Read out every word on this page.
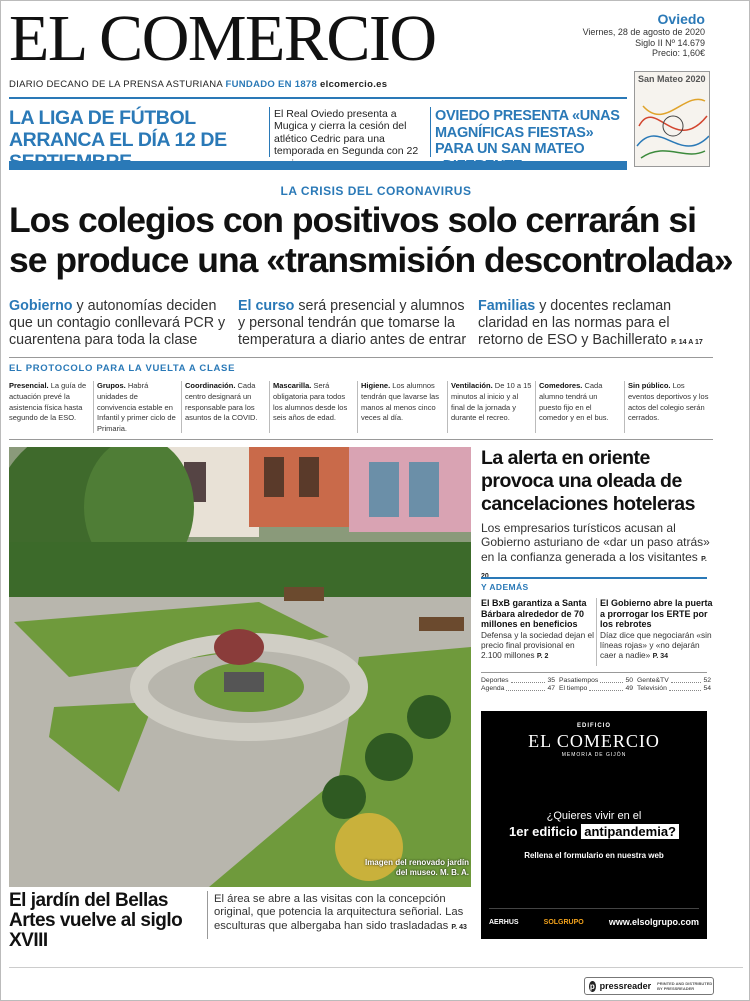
EL COMERCIO
DIARIO DECANO DE LA PRENSA ASTURIANA FUNDADO EN 1878 elcomercio.es
Oviedo
Viernes, 28 de agosto de 2020
Siglo II Nº 14.679
Precio: 1,60€
San Mateo 2020
LA LIGA DE FÚTBOL ARRANCA EL DÍA 12 DE
El Real Oviedo presenta a Mugica y cierra la cesión del atlético Cedric para una temporada en Segunda con 22
OVIEDO PRESENTA «UNAS MAGNÍFICAS FIESTAS» PARA UN SAN MATEO
LA CRISIS DEL CORONAVIRUS
Los colegios con positivos solo cerrarán si se produce una «transmisión descontrolada»
Gobierno y autonomías deciden que un contagio conllevará PCR y cuarentena para toda la clase
El curso será presencial y alumnos y personal tendrán que tomarse la temperatura a diario antes de entrar
Familias y docentes reclaman claridad en las normas para el retorno de ESO y Bachillerato P. 14 A 17
EL PROTOCOLO PARA LA VUELTA A CLASE
Presencial. La guía de actuación prevé la asistencia física hasta segundo de la ESO.
Grupos. Habrá unidades de convivencia estable en Infantil y primer ciclo de Primaria.
Coordinación. Cada centro designará un responsable para los asuntos de la COVID.
Mascarilla. Será obligatoria para todos los alumnos desde los seis años de edad.
Higiene. Los alumnos tendrán que lavarse las manos al menos cinco veces al día.
Ventilación. De 10 a 15 minutos al inicio y al final de la jornada y durante el recreo.
Comedores. Cada alumno tendrá un puesto fijo en el comedor y en el bus.
Sin público. Los eventos deportivos y los actos del colegio serán cerrados.
Imagen del renovado jardín del museo. M. B. A.
El jardín del Bellas Artes vuelve al siglo XVIII
El área se abre a las visitas con la concepción original, que potencia la arquitectura señorial. Las esculturas que albergaba han sido trasladadas P. 43
La alerta en oriente provoca una oleada de cancelaciones hoteleras
Los empresarios turísticos acusan al Gobierno asturiano de «dar un paso atrás» en la confianza generada a los visitantes P.
Y ADEMÁS
El BxB garantiza a Santa Bárbara alrededor de 70 millones en beneficios
Defensa y la sociedad dejan el precio final provisional en 2.100 millones P. 2
El Gobierno abre la puerta a prorrogar los ERTE por los rebrotes
Díaz dice que negociarán «sin líneas rojas» y «no dejarán caer a nadie» P. 34
Deportes	35
Agenda	47
Pasatiempos	50
El tiempo	49
Gente&TV	52
Televisión	54
EDIFICIO
EL COMERCIO
MEMORIA DE GIJÓN
¿Quieres vivir en el
1er edificio antipandemia?
Rellena el formulario en nuestra web
AERHUS	SOLGRUPO	www.elsolgrupo.com
p pressreader PRINTED AND DISTRIBUTED BY PRESSREADER
